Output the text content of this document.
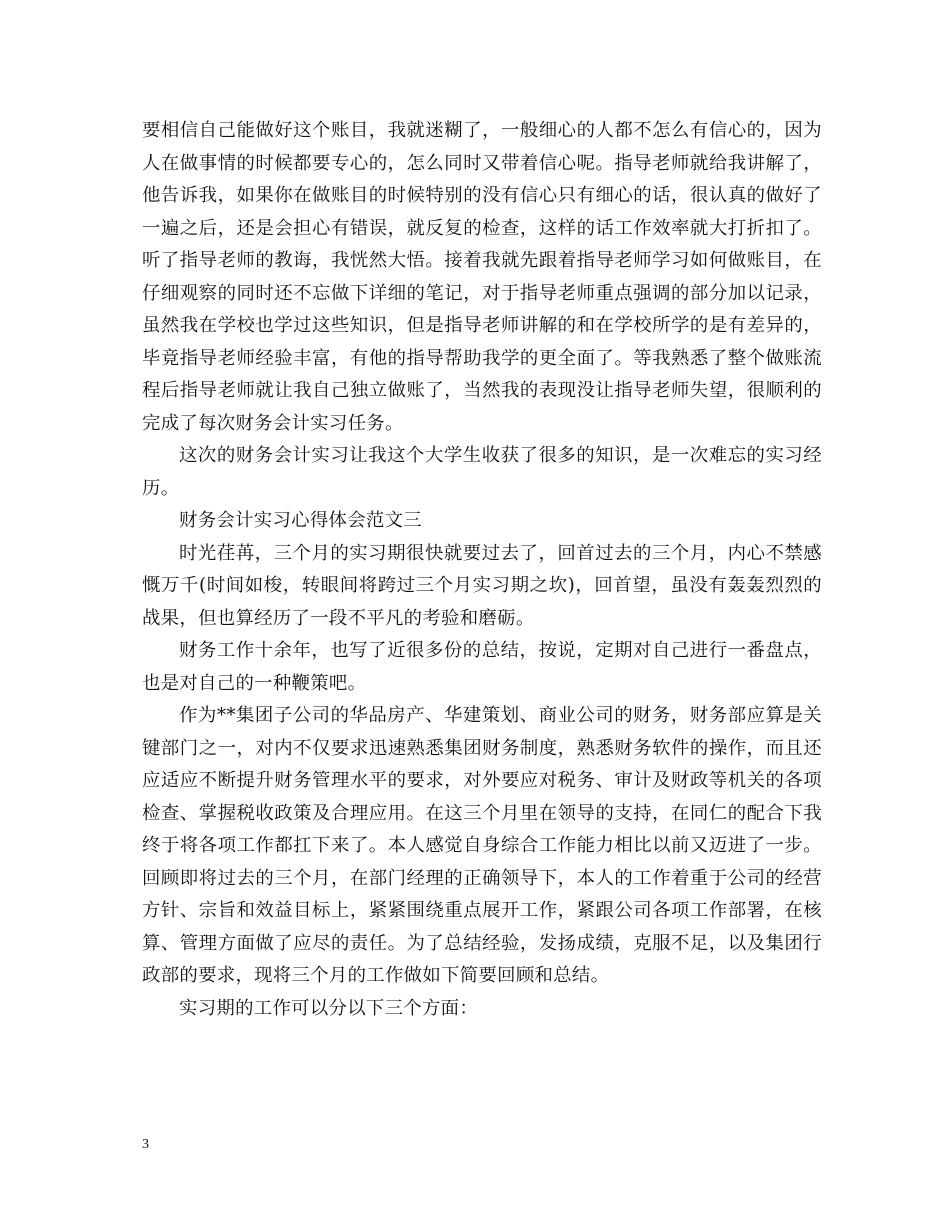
要相信自己能做好这个账目，我就迷糊了，一般细心的人都不怎么有信心的，因为人在做事情的时候都要专心的，怎么同时又带着信心呢。指导老师就给我讲解了，他告诉我，如果你在做账目的时候特别的没有信心只有细心的话，很认真的做好了一遍之后，还是会担心有错误，就反复的检查，这样的话工作效率就大打折扣了。听了指导老师的教诲，我恍然大悟。接着我就先跟着指导老师学习如何做账目，在仔细观察的同时还不忘做下详细的笔记，对于指导老师重点强调的部分加以记录，虽然我在学校也学过这些知识，但是指导老师讲解的和在学校所学的是有差异的，毕竟指导老师经验丰富，有他的指导帮助我学的更全面了。等我熟悉了整个做账流程后指导老师就让我自己独立做账了，当然我的表现没让指导老师失望，很顺利的完成了每次财务会计实习任务。

这次的财务会计实习让我这个大学生收获了很多的知识，是一次难忘的实习经历。

财务会计实习心得体会范文三

时光荏苒，三个月的实习期很快就要过去了，回首过去的三个月，内心不禁感慨万千(时间如梭，转眼间将跨过三个月实习期之坎)，回首望，虽没有轰轰烈烈的战果，但也算经历了一段不平凡的考验和磨砺。

财务工作十余年，也写了近很多份的总结，按说，定期对自己进行一番盘点，也是对自己的一种鞭策吧。

作为**集团子公司的华品房产、华建策划、商业公司的财务，财务部应算是关键部门之一，对内不仅要求迅速熟悉集团财务制度，熟悉财务软件的操作，而且还应适应不断提升财务管理水平的要求，对外要应对税务、审计及财政等机关的各项检查、掌握税收政策及合理应用。在这三个月里在领导的支持，在同仁的配合下我终于将各项工作都扛下来了。本人感觉自身综合工作能力相比以前又迈进了一步。回顾即将过去的三个月，在部门经理的正确领导下，本人的工作着重于公司的经营方针、宗旨和效益目标上，紧紧围绕重点展开工作，紧跟公司各项工作部署，在核算、管理方面做了应尽的责任。为了总结经验，发扬成绩，克服不足，以及集团行政部的要求，现将三个月的工作做如下简要回顾和总结。

实习期的工作可以分以下三个方面：

3
